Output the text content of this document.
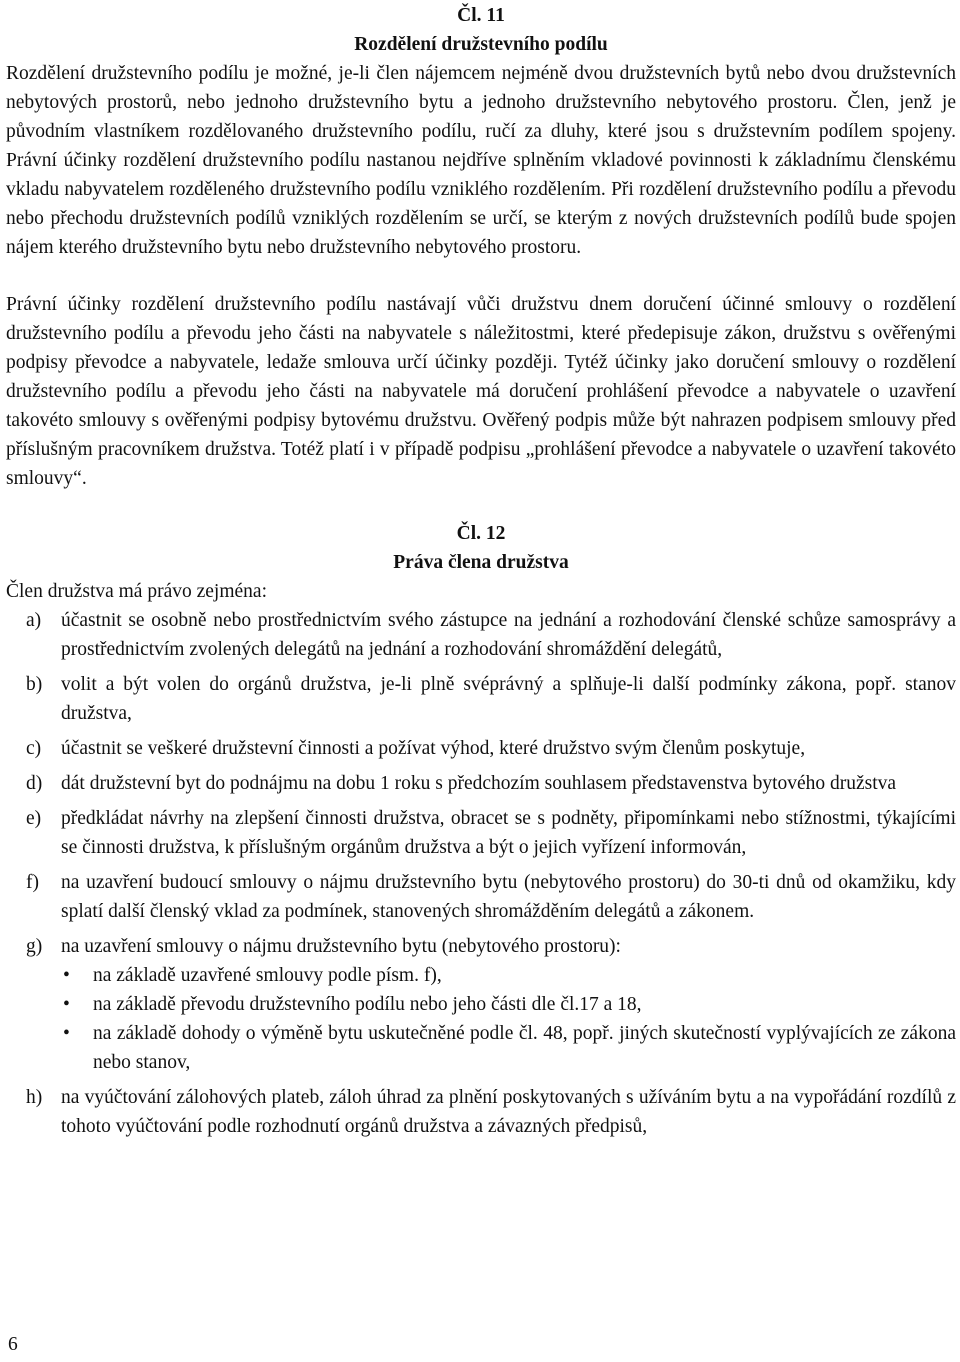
Čl. 11
Rozdělení družstevního podílu

Rozdělení družstevního podílu je možné, je-li člen nájemcem nejméně dvou družstevních bytů nebo dvou družstevních nebytových prostorů, nebo jednoho družstevního bytu a jednoho družstevního nebytového prostoru. Člen, jenž je původním vlastníkem rozdělovaného družstevního podílu, ručí za dluhy, které jsou s družstevním podílem spojeny. Právní účinky rozdělení družstevního podílu nastanou nejdříve splněním vkladové povinnosti k základnímu členskému vkladu nabyvatelem rozděleného družstevního podílu vzniklého rozdělením. Při rozdělení družstevního podílu a převodu nebo přechodu družstevních podílů vzniklých rozdělením se určí, se kterým z nových družstevních podílů bude spojen nájem kterého družstevního bytu nebo družstevního nebytového prostoru.

Právní účinky rozdělení družstevního podílu nastávají vůči družstvu dnem doručení účinné smlouvy o rozdělení družstevního podílu a převodu jeho části na nabyvatele s náležitostmi, které předepisuje zákon, družstvu s ověřenými podpisy převodce a nabyvatele, ledaže smlouva určí účinky později. Tytéž účinky jako doručení smlouvy o rozdělení družstevního podílu a převodu jeho části na nabyvatele má doručení prohlášení převodce a nabyvatele o uzavření takovéto smlouvy s ověřenými podpisy bytovému družstvu. Ověřený podpis může být nahrazen podpisem smlouvy před příslušným pracovníkem družstva. Totéž platí i v případě podpisu „prohlášení převodce a nabyvatele o uzavření takovéto smlouvy“.

Čl. 12
Práva člena družstva
Člen družstva má právo zejména:
a) účastnit se osobně nebo prostřednictvím svého zástupce na jednání a rozhodování členské schůze samosprávy a prostřednictvím zvolených delegátů na jednání a rozhodování shromáždění delegátů,
b) volit a být volen do orgánů družstva, je-li plně svéprávný a splňuje-li další podmínky zákona, popř. stanov družstva,
c) účastnit se veškeré družstevní činnosti a požívat výhod, které družstvo svým členům poskytuje,
d) dát družstevní byt do podnájmu na dobu 1 roku s předchozím souhlasem představenstva bytového družstva
e) předkládat návrhy na zlepšení činnosti družstva, obracet se s podněty, připomínkami nebo stížnostmi, týkajícími se činnosti družstva, k příslušným orgánům družstva a být o jejich vyřízení informován,
f) na uzavření budoucí smlouvy o nájmu družstevního bytu (nebytového prostoru) do 30-ti dnů od okamžiku, kdy splatí další členský vklad za podmínek, stanovených shromážděním delegátů a zákonem.
g) na uzavření smlouvy o nájmu družstevního bytu (nebytového prostoru):
• na základě uzavřené smlouvy podle písm. f),
• na základě převodu družstevního podílu nebo jeho části dle čl.17 a 18,
• na základě dohody o výměně bytu uskutečněné podle čl. 48, popř. jiných skutečností vyplývajících ze zákona nebo stanov,
h) na vyúčtování zálohových plateb, záloh úhrad za plnění poskytovaných s užíváním bytu a na vypořádání rozdílů z tohoto vyúčtování podle rozhodnutí orgánů družstva a závazných předpisů,
6
